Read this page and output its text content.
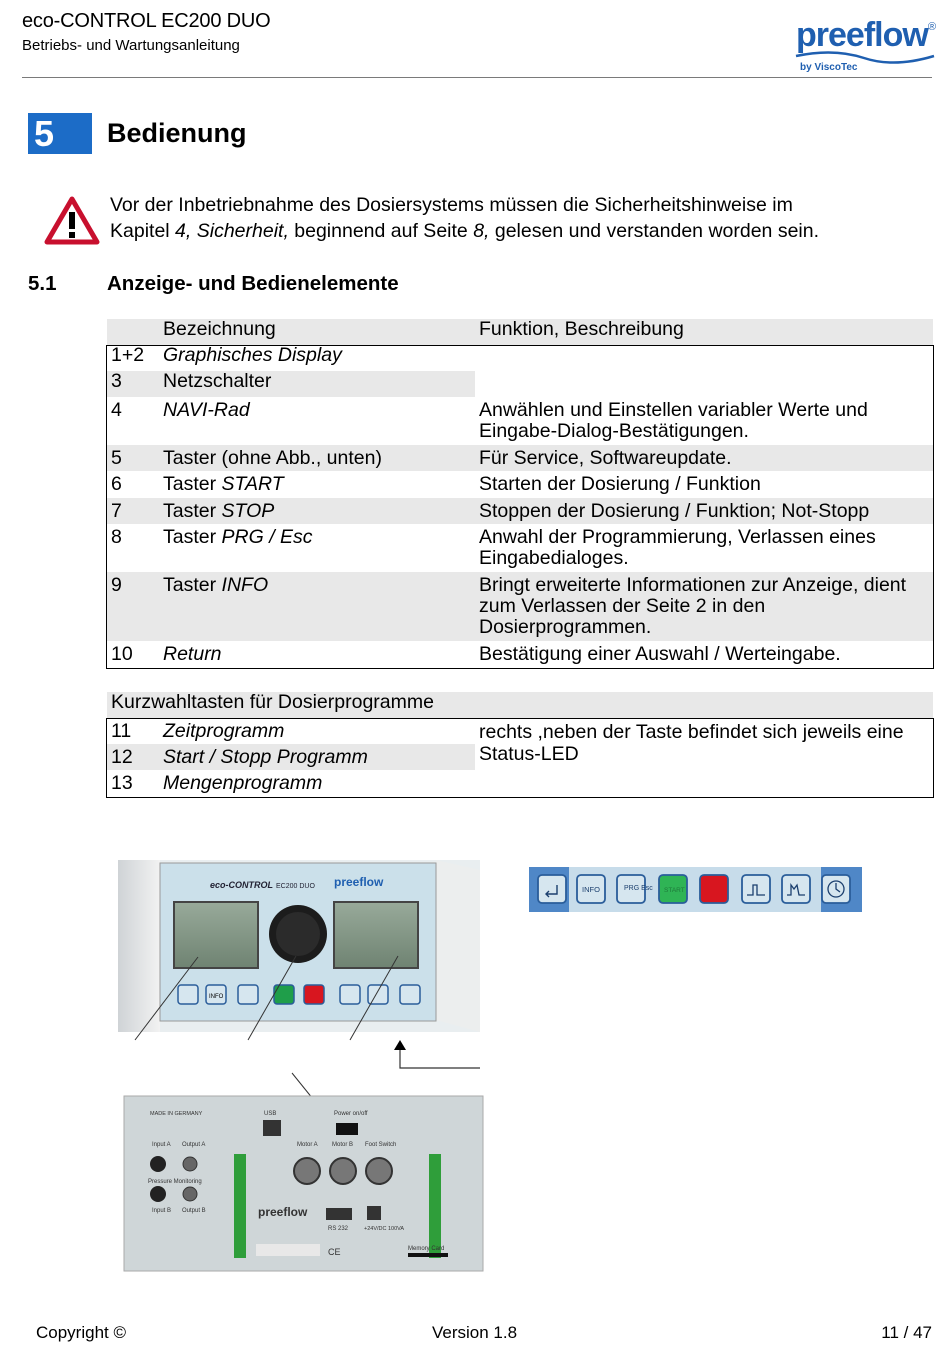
eco-CONTROL EC200 DUO
Betriebs- und Wartungsanleitung	preeflow ®
by ViscoTec
5	Bedienung
Vor der Inbetriebnahme des Dosiersystems müssen die Sicherheitshinweise im
Kapitel 4, Sicherheit, beginnend auf Seite 8, gelesen und verstanden worden sein.
5.1 Anzeige- und Bedienelemente
	Bezeichnung	Funktion, Beschreibung
1+2	Graphisches Display	
3	Netzschalter	
4	NAVI-Rad	Anwählen und Einstellen variabler Werte und Eingabe-Dialog-Bestätigungen.
5	Taster (ohne Abb., unten)	Für Service, Softwareupdate.
6	Taster START	Starten der Dosierung / Funktion
7	Taster STOP	Stoppen der Dosierung / Funktion; Not-Stopp
8	Taster PRG / Esc	Anwahl der Programmierung, Verlassen eines Eingabedialoges.
9	Taster INFO	Bringt erweiterte Informationen zur Anzeige, dient zum Verlassen der Seite 2 in den Dosierprogrammen.
10	Return	Bestätigung einer Auswahl / Werteingabe.
Kurzwahltasten für Dosierprogramme		
11	Zeitprogramm	rechts ,neben der Taste befindet sich jeweils eine Status-LED
12	Start / Stopp Programm	
13	Mengenprogramm	
eco-CONTROL EC200 DUO preeflow
INFO
INFO	PRG Esc START
MADE IN GERMANY	USB	Power on/off
Motor A Motor B Foot Switch
Input A Output A
Pressure Monitoring
Input B Output B	preeflow
RS 232	+24V/DC 100VA
Memory Card
CE
Copyright ©	Version 1.8	11 / 47
